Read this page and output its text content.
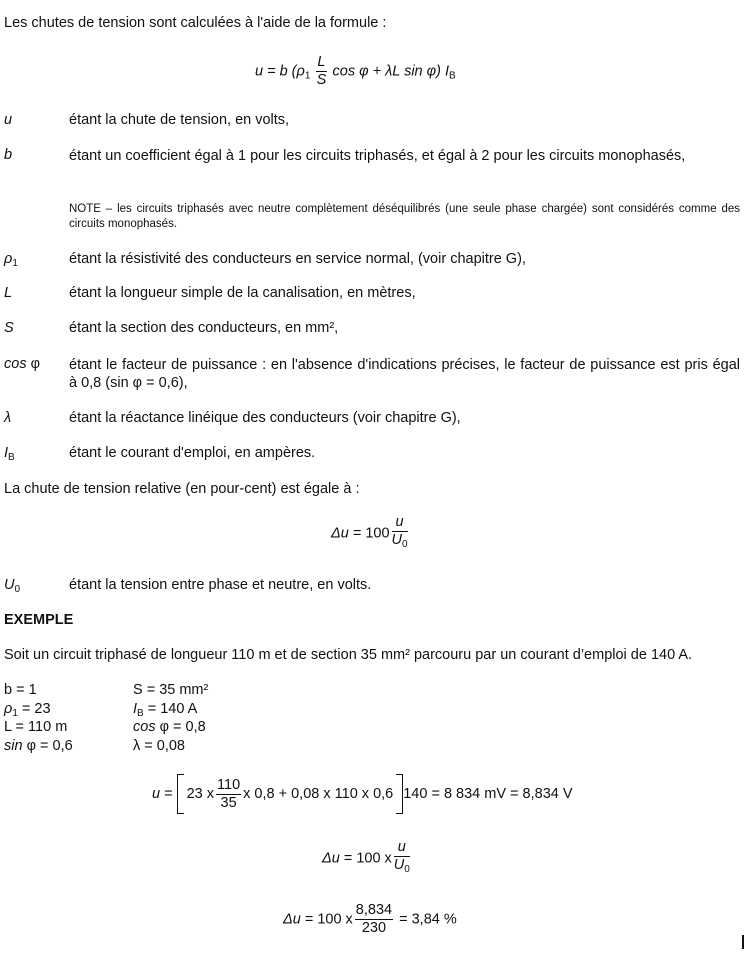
Les chutes de tension sont calculées à l'aide de la formule :
u = b ($\rho_1 \frac{L}{S}$ cos φ + λL sin φ) $I_B$
u	étant la chute de tension, en volts,
b	étant un coefficient égal à 1 pour les circuits triphasés, et égal à 2 pour les circuits monophasés,
NOTE – les circuits triphasés avec neutre complètement déséquilibrés (une seule phase chargée) sont considérés comme des circuits monophasés.
$\rho_1$	étant la résistivité des conducteurs en service normal, (voir chapitre G),
L	étant la longueur simple de la canalisation, en mètres,
S	étant la section des conducteurs, en mm²,
cos φ étant le facteur de puissance : en l'absence d'indications précises, le facteur de puissance est pris égal à 0,8 (sin φ = 0,6),
λ	étant la réactance linéique des conducteurs (voir chapitre G),
$I_B$	étant le courant d'emploi, en ampères.
La chute de tension relative (en pour-cent) est égale à :
$\Delta u = 100 \frac{u}{U_0}$
$U_0$	étant la tension entre phase et neutre, en volts.
EXEMPLE
Soit un circuit triphasé de longueur 110 m et de section 35 mm² parcouru par un courant d’emploi de 140 A.
b = 1	S = 35 mm²
$\rho_1 = 23$	$I_B = 140$ A
L = 110 m	cos φ = 0,8
sin φ = 0,6	λ = 0,08
u = 23 x $\frac{110}{35}$ x 0,8 + 0,08 x 110 x 0,6 140 = 8 834 mV = 8,834 V
Δu = 100 x $\frac{u}{U_0}$
Δu = 100 x $\frac{8,834}{230} = 3,84$ %
